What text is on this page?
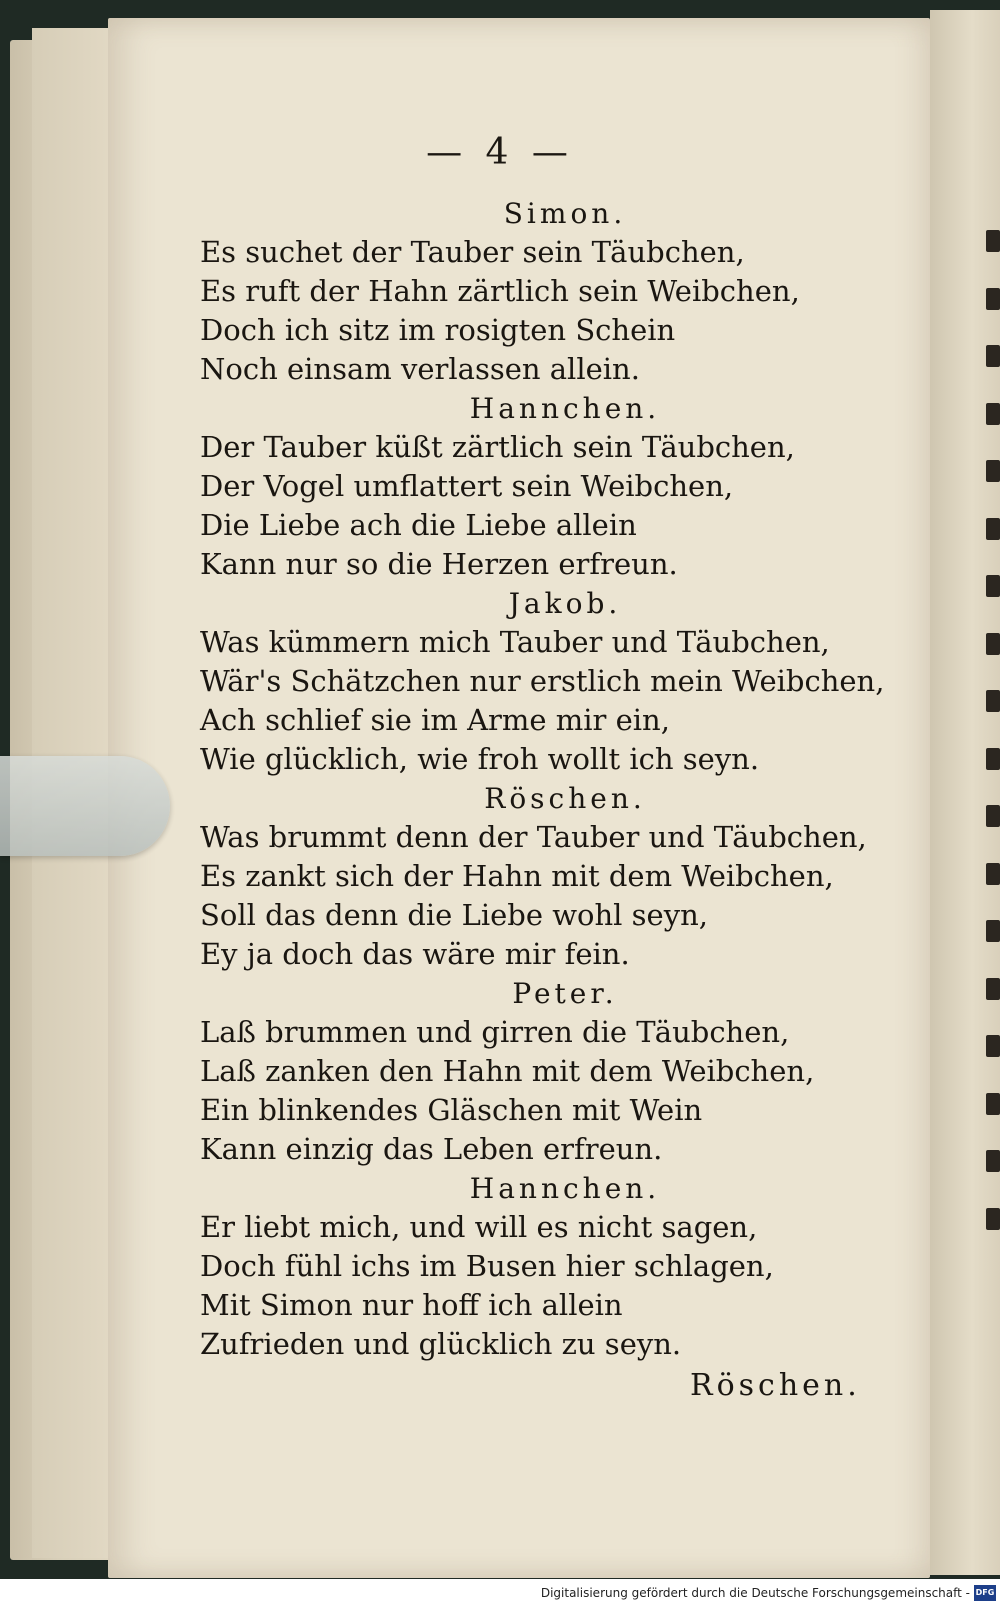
— 4 —
Simon.
Es suchet der Tauber sein Täubchen,
Es ruft der Hahn zärtlich sein Weibchen,
Doch ich sitz im rosigten Schein
Noch einsam verlassen allein.
Hannchen.
Der Tauber küßt zärtlich sein Täubchen,
Der Vogel umflattert sein Weibchen,
Die Liebe ach die Liebe allein
Kann nur so die Herzen erfreun.
Jakob.
Was kümmern mich Tauber und Täubchen,
Wär's Schätzchen nur erstlich mein Weibchen,
Ach schlief sie im Arme mir ein,
Wie glücklich, wie froh wollt ich seyn.
Röschen.
Was brummt denn der Tauber und Täubchen,
Es zankt sich der Hahn mit dem Weibchen,
Soll das denn die Liebe wohl seyn,
Ey ja doch das wäre mir fein.
Peter.
Laß brummen und girren die Täubchen,
Laß zanken den Hahn mit dem Weibchen,
Ein blinkendes Gläschen mit Wein
Kann einzig das Leben erfreun.
Hannchen.
Er liebt mich, und will es nicht sagen,
Doch fühl ichs im Busen hier schlagen,
Mit Simon nur hoff ich allein
Zufrieden und glücklich zu seyn.
Röschen.
Digitalisierung gefördert durch die Deutsche Forschungsgemeinschaft - DFG
